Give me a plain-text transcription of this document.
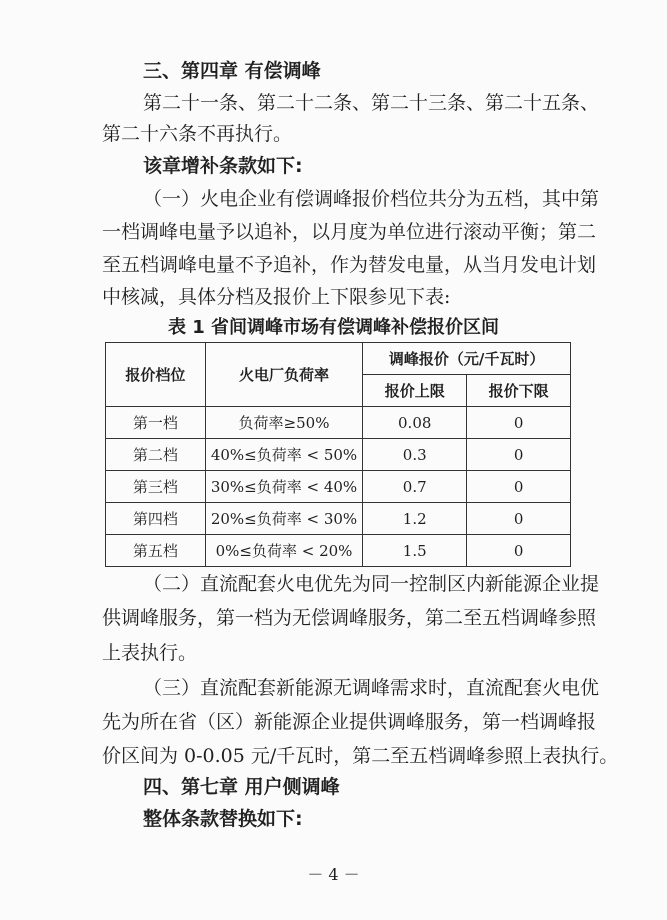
三、第四章 有偿调峰
第二十一条、第二十二条、第二十三条、第二十五条、
第二十六条不再执行。
该章增补条款如下:
（一）火电企业有偿调峰报价档位共分为五档，其中第
一档调峰电量予以追补，以月度为单位进行滚动平衡；第二
至五档调峰电量不予追补，作为替发电量，从当月发电计划
中核减，具体分档及报价上下限参见下表:
表 1 省间调峰市场有偿调峰补偿报价区间
报价档位	火电厂负荷率	调峰报价（元/千瓦时）	
		报价上限	报价下限
第一档	负荷率≥50%	0.08	0
第二档	40%≤负荷率 < 50%	0.3	0
第三档	30%≤负荷率 < 40%	0.7	0
第四档	20%≤负荷率 < 30%	1.2	0
第五档	0%≤负荷率 < 20%	1.5	0
（二）直流配套火电优先为同一控制区内新能源企业提
供调峰服务，第一档为无偿调峰服务，第二至五档调峰参照
上表执行。
（三）直流配套新能源无调峰需求时，直流配套火电优
先为所在省（区）新能源企业提供调峰服务，第一档调峰报
价区间为 0-0.05 元/千瓦时，第二至五档调峰参照上表执行。
四、第七章 用户侧调峰
整体条款替换如下:
－ 4 －
